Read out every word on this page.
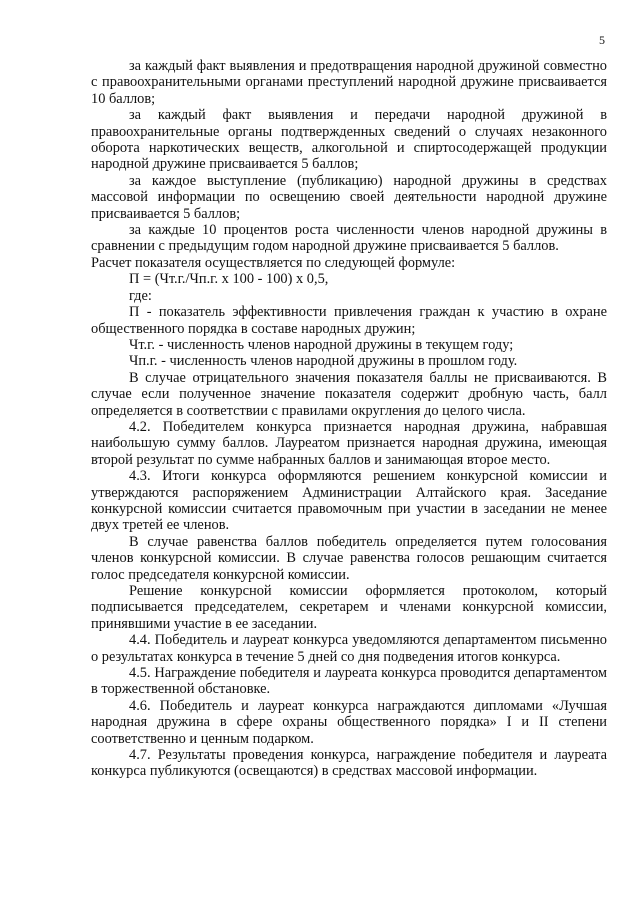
5

за каждый факт выявления и предотвращения народной дружиной совместно с правоохранительными органами преступлений народной дружине присваивается 10 баллов;

за каждый факт выявления и передачи народной дружиной в правоохранительные органы подтвержденных сведений о случаях незаконного оборота наркотических веществ, алкогольной и спиртосодержащей продукции народной дружине присваивается 5 баллов;

за каждое выступление (публикацию) народной дружины в средствах массовой информации по освещению своей деятельности народной дружине присваивается 5 баллов;

за каждые 10 процентов роста численности членов народной дружины в сравнении с предыдущим годом народной дружине присваивается 5 баллов.

Расчет показателя осуществляется по следующей формуле:

П = (Чт.г./Чп.г. х 100 - 100) х 0,5,

где:

П - показатель эффективности привлечения граждан к участию в охране общественного порядка в составе народных дружин;

Чт.г. - численность членов народной дружины в текущем году;

Чп.г. - численность членов народной дружины в прошлом году.

В случае отрицательного значения показателя баллы не присваиваются. В случае если полученное значение показателя содержит дробную часть, балл определяется в соответствии с правилами округления до целого числа.

4.2. Победителем конкурса признается народная дружина, набравшая наибольшую сумму баллов. Лауреатом признается народная дружина, имеющая второй результат по сумме набранных баллов и занимающая второе место.

4.3. Итоги конкурса оформляются решением конкурсной комиссии и утверждаются распоряжением Администрации Алтайского края. Заседание конкурсной комиссии считается правомочным при участии в заседании не менее двух третей ее членов.

В случае равенства баллов победитель определяется путем голосования членов конкурсной комиссии. В случае равенства голосов решающим считается голос председателя конкурсной комиссии.

Решение конкурсной комиссии оформляется протоколом, который подписывается председателем, секретарем и членами конкурсной комиссии, принявшими участие в ее заседании.

4.4. Победитель и лауреат конкурса уведомляются департаментом письменно о результатах конкурса в течение 5 дней со дня подведения итогов конкурса.

4.5. Награждение победителя и лауреата конкурса проводится департаментом в торжественной обстановке.

4.6. Победитель и лауреат конкурса награждаются дипломами «Лучшая народная дружина в сфере охраны общественного порядка» I и II степени соответственно и ценным подарком.

4.7. Результаты проведения конкурса, награждение победителя и лауреата конкурса публикуются (освещаются) в средствах массовой информации.
